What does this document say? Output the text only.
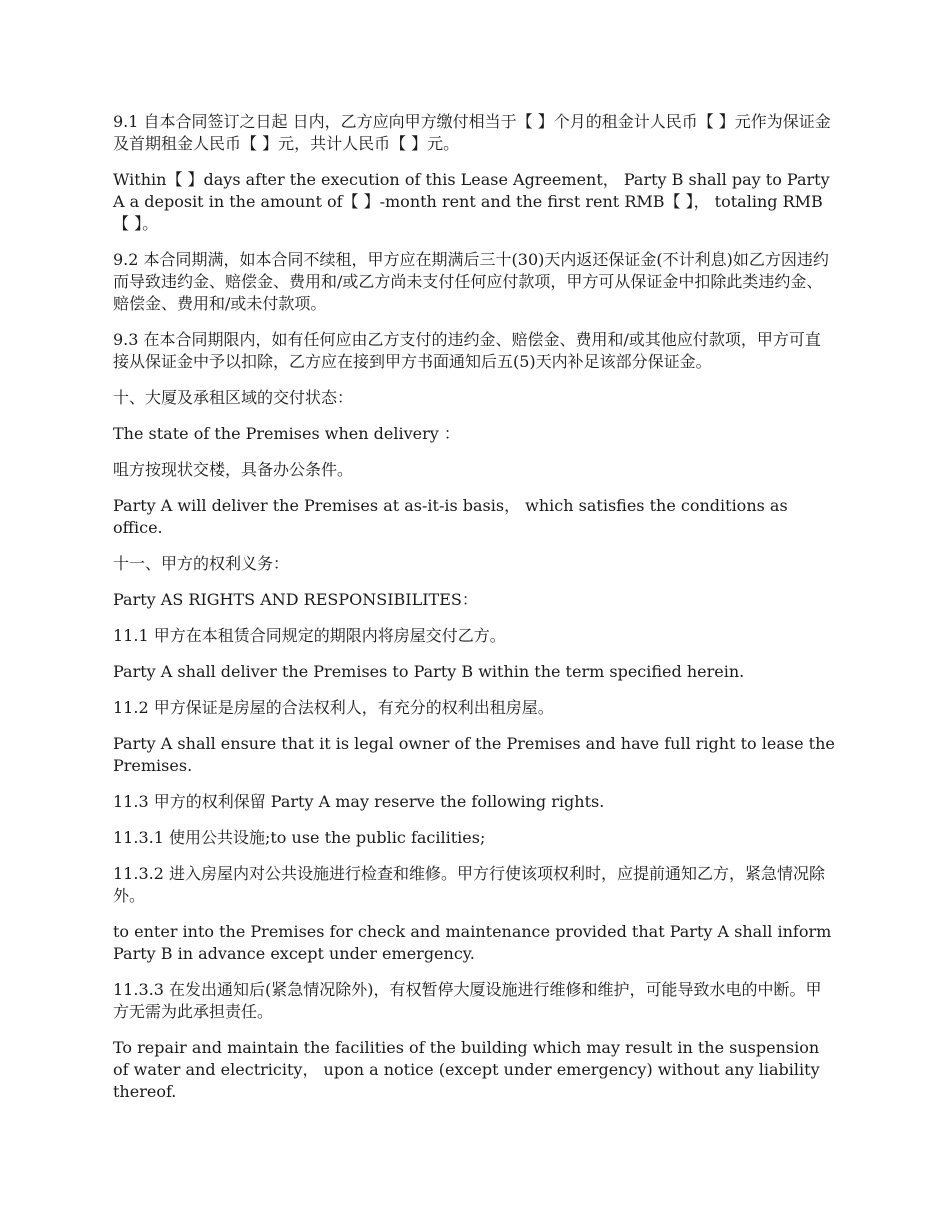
9.1 自本合同签订之日起 日内，乙方应向甲方缴付相当于【 】个月的租金计人民币【 】元作为保证金及首期租金人民币【 】元，共计人民币【 】元。

Within【 】days after the execution of this Lease Agreement， Party B shall pay to Party A a deposit in the amount of【 】-month rent and the first rent RMB【 】， totaling RMB【 】。

9.2 本合同期满，如本合同不续租，甲方应在期满后三十(30)天内返还保证金(不计利息)如乙方因违约而导致违约金、赔偿金、费用和/或乙方尚未支付任何应付款项，甲方可从保证金中扣除此类违约金、赔偿金、费用和/或未付款项。

9.3 在本合同期限内，如有任何应由乙方支付的违约金、赔偿金、费用和/或其他应付款项，甲方可直接从保证金中予以扣除，乙方应在接到甲方书面通知后五(5)天内补足该部分保证金。

十、大厦及承租区域的交付状态：

The state of the Premises when delivery ：

咀方按现状交楼，具备办公条件。

Party A will deliver the Premises at as-it-is basis， which satisfies the conditions as office.

十一、甲方的权利义务：

Party AS RIGHTS AND RESPONSIBILITES：

11.1 甲方在本租赁合同规定的期限内将房屋交付乙方。

Party A shall deliver the Premises to Party B within the term specified herein.

11.2 甲方保证是房屋的合法权利人，有充分的权利出租房屋。

Party A shall ensure that it is legal owner of the Premises and have full right to lease the Premises.

11.3 甲方的权利保留 Party A may reserve the following rights.

11.3.1 使用公共设施;to use the public facilities;

11.3.2 进入房屋内对公共设施进行检查和维修。甲方行使该项权利时，应提前通知乙方，紧急情况除外。

to enter into the Premises for check and maintenance provided that Party A shall inform Party B in advance except under emergency.

11.3.3 在发出通知后(紧急情况除外)，有权暂停大厦设施进行维修和维护，可能导致水电的中断。甲方无需为此承担责任。

To repair and maintain the facilities of the building which may result in the suspension of water and electricity， upon a notice (except under emergency) without any liability thereof.
